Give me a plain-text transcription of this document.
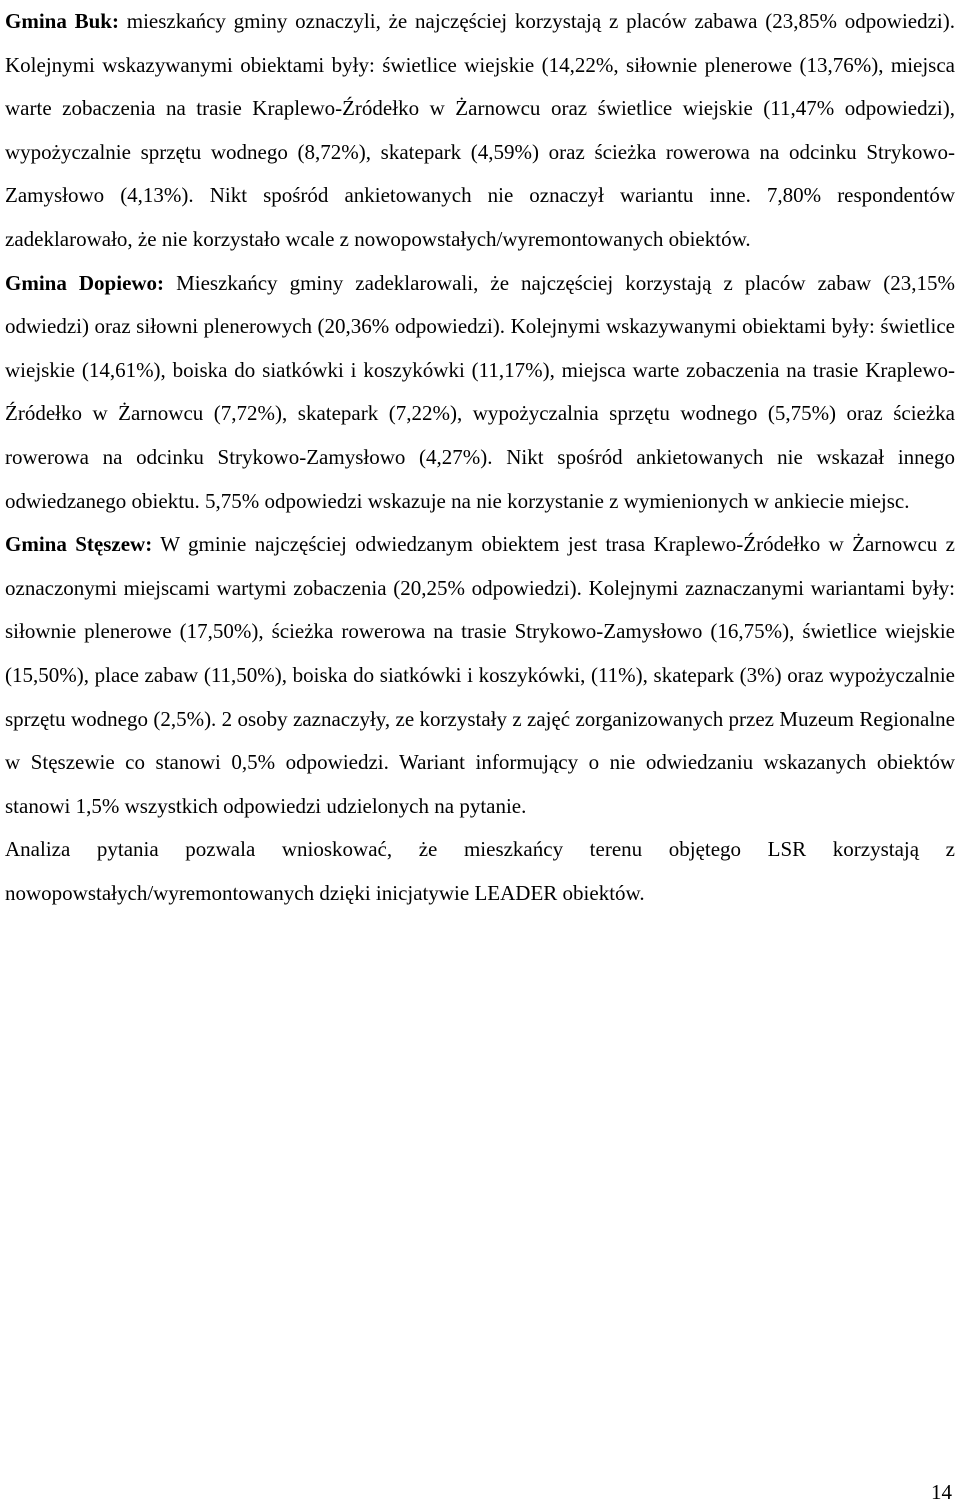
Gmina Buk: mieszkańcy gminy oznaczyli, że najczęściej korzystają z placów zabawa (23,85% odpowiedzi). Kolejnymi wskazywanymi obiektami były: świetlice wiejskie (14,22%, siłownie plenerowe (13,76%), miejsca warte zobaczenia na trasie Kraplewo-Źródełko w Żarnowcu oraz świetlice wiejskie (11,47% odpowiedzi), wypożyczalnie sprzętu wodnego (8,72%), skatepark (4,59%) oraz ścieżka rowerowa na odcinku Strykowo-Zamysłowo (4,13%). Nikt spośród ankietowanych nie oznaczył wariantu inne. 7,80% respondentów zadeklarowało, że nie korzystało wcale z nowopowstałych/wyremontowanych obiektów.

Gmina Dopiewo: Mieszkańcy gminy zadeklarowali, że najczęściej korzystają z placów zabaw (23,15% odwiedzi) oraz siłowni plenerowych (20,36% odpowiedzi). Kolejnymi wskazywanymi obiektami były: świetlice wiejskie (14,61%), boiska do siatkówki i koszykówki (11,17%), miejsca warte zobaczenia na trasie Kraplewo-Źródełko w Żarnowcu (7,72%), skatepark (7,22%), wypożyczalnia sprzętu wodnego (5,75%) oraz ścieżka rowerowa na odcinku Strykowo-Zamysłowo (4,27%). Nikt spośród ankietowanych nie wskazał innego odwiedzanego obiektu. 5,75% odpowiedzi wskazuje na nie korzystanie z wymienionych w ankiecie miejsc.

Gmina Stęszew: W gminie najczęściej odwiedzanym obiektem jest trasa Kraplewo-Źródełko w Żarnowcu z oznaczonymi miejscami wartymi zobaczenia (20,25% odpowiedzi). Kolejnymi zaznaczanymi wariantami były: siłownie plenerowe (17,50%), ścieżka rowerowa na trasie Strykowo-Zamysłowo (16,75%), świetlice wiejskie (15,50%), place zabaw (11,50%), boiska do siatkówki i koszykówki, (11%), skatepark (3%) oraz wypożyczalnie sprzętu wodnego (2,5%). 2 osoby zaznaczyły, ze korzystały z zajęć zorganizowanych przez Muzeum Regionalne w Stęszewie co stanowi 0,5% odpowiedzi. Wariant informujący o nie odwiedzaniu wskazanych obiektów stanowi 1,5% wszystkich odpowiedzi udzielonych na pytanie.

Analiza pytania pozwala wnioskować, że mieszkańcy terenu objętego LSR korzystają z nowopowstałych/wyremontowanych dzięki inicjatywie LEADER obiektów.

14
